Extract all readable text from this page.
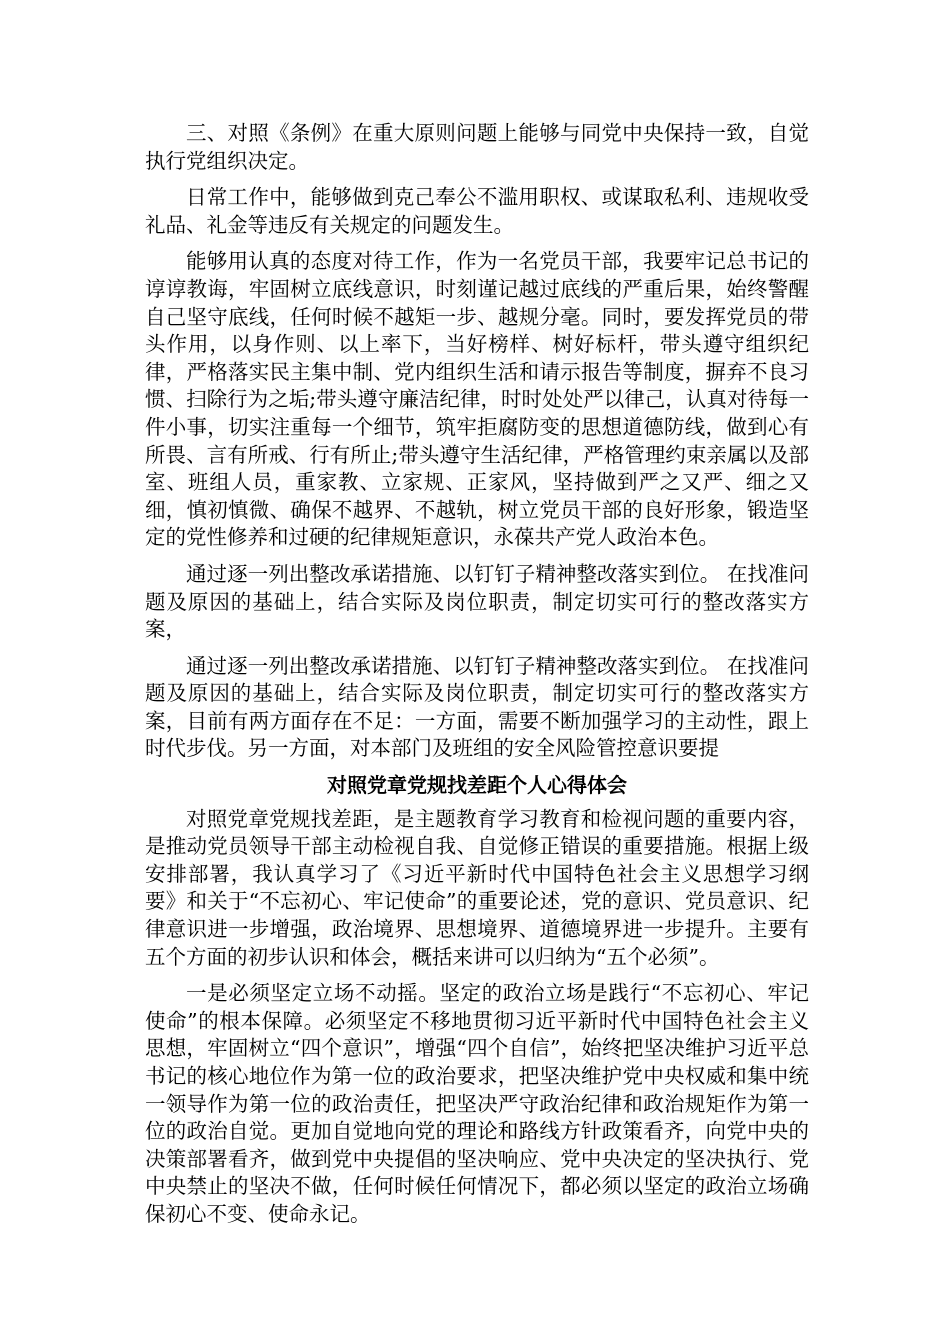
三、对照《条例》在重大原则问题上能够与同党中央保持一致，自觉执行党组织决定。

日常工作中，能够做到克己奉公不滥用职权、或谋取私利、违规收受礼品、礼金等违反有关规定的问题发生。

能够用认真的态度对待工作，作为一名党员干部，我要牢记总书记的谆谆教诲，牢固树立底线意识，时刻谨记越过底线的严重后果，始终警醒自己坚守底线，任何时候不越矩一步、越规分毫。同时，要发挥党员的带头作用，以身作则、以上率下，当好榜样、树好标杆，带头遵守组织纪律，严格落实民主集中制、党内组织生活和请示报告等制度，摒弃不良习惯、扫除行为之垢;带头遵守廉洁纪律，时时处处严以律己，认真对待每一件小事，切实注重每一个细节，筑牢拒腐防变的思想道德防线，做到心有所畏、言有所戒、行有所止;带头遵守生活纪律，严格管理约束亲属以及部室、班组人员，重家教、立家规、正家风，坚持做到严之又严、细之又细，慎初慎微、确保不越界、不越轨，树立党员干部的良好形象，锻造坚定的党性修养和过硬的纪律规矩意识，永葆共产党人政治本色。

通过逐一列出整改承诺措施、以钉钉子精神整改落实到位。 在找准问题及原因的基础上，结合实际及岗位职责，制定切实可行的整改落实方案，

通过逐一列出整改承诺措施、以钉钉子精神整改落实到位。 在找准问题及原因的基础上，结合实际及岗位职责，制定切实可行的整改落实方案，目前有两方面存在不足：一方面，需要不断加强学习的主动性，跟上时代步伐。另一方面，对本部门及班组的安全风险管控意识要提

对照党章党规找差距个人心得体会

对照党章党规找差距，是主题教育学习教育和检视问题的重要内容，是推动党员领导干部主动检视自我、自觉修正错误的重要措施。根据上级安排部署，我认真学习了《习近平新时代中国特色社会主义思想学习纲要》和关于“不忘初心、牢记使命”的重要论述，党的意识、党员意识、纪律意识进一步增强，政治境界、思想境界、道德境界进一步提升。主要有五个方面的初步认识和体会，概括来讲可以归纳为“五个必须”。

一是必须坚定立场不动摇。坚定的政治立场是践行“不忘初心、牢记使命”的根本保障。必须坚定不移地贯彻习近平新时代中国特色社会主义思想，牢固树立“四个意识”，增强“四个自信”，始终把坚决维护习近平总书记的核心地位作为第一位的政治要求，把坚决维护党中央权威和集中统一领导作为第一位的政治责任，把坚决严守政治纪律和政治规矩作为第一位的政治自觉。更加自觉地向党的理论和路线方针政策看齐，向党中央的决策部署看齐，做到党中央提倡的坚决响应、党中央决定的坚决执行、党中央禁止的坚决不做，任何时候任何情况下，都必须以坚定的政治立场确保初心不变、使命永记。
